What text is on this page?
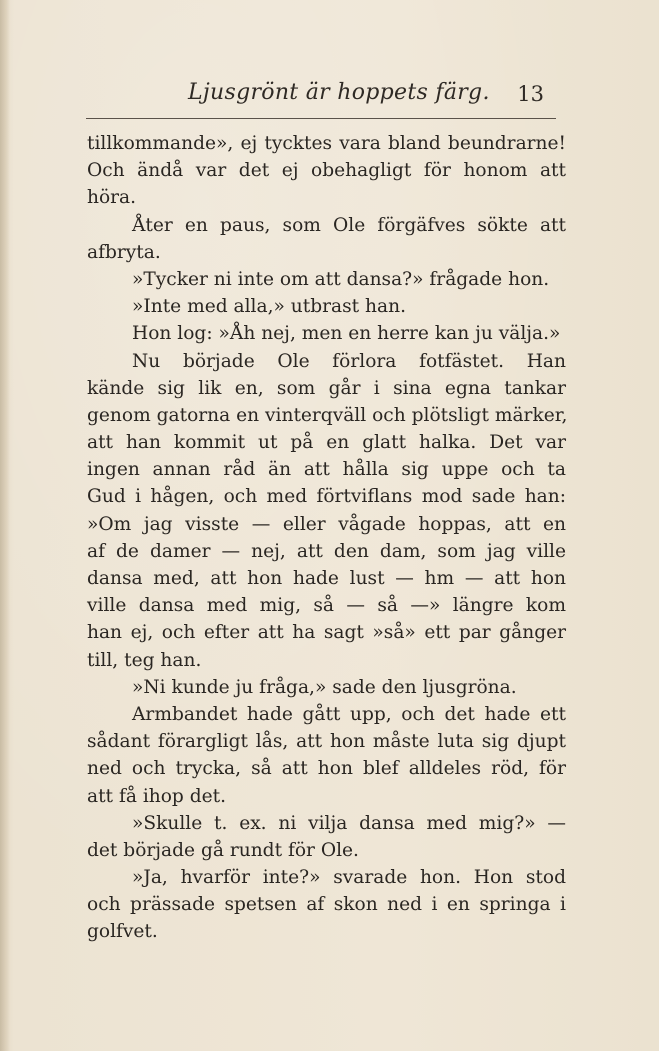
Ljusgrönt är hoppets färg. 13
tillkommande», ej tycktes vara bland beundrarne!
Och ändå var det ej obehagligt för honom att
höra.
Åter en paus, som Ole förgäfves sökte att
afbryta.
»Tycker ni inte om att dansa?» frågade hon.
»Inte med alla,» utbrast han.
Hon log: »Åh nej, men en herre kan ju välja.»
Nu började Ole förlora fotfästet. Han
kände sig lik en, som går i sina egna tankar
genom gatorna en vinterqväll och plötsligt märker,
att han kommit ut på en glatt halka. Det var
ingen annan råd än att hålla sig uppe och ta
Gud i hågen, och med förtviflans mod sade han:
»Om jag visste — eller vågade hoppas, att en
af de damer — nej, att den dam, som jag ville
dansa med, att hon hade lust — hm — att hon
ville dansa med mig, så — så —» längre kom
han ej, och efter att ha sagt »så» ett par gånger
till, teg han.
»Ni kunde ju fråga,» sade den ljusgröna.
Armbandet hade gått upp, och det hade ett
sådant förargligt lås, att hon måste luta sig djupt
ned och trycka, så att hon blef alldeles röd, för
att få ihop det.
»Skulle t. ex. ni vilja dansa med mig?» —
det började gå rundt för Ole.
»Ja, hvarför inte?» svarade hon. Hon stod
och prässade spetsen af skon ned i en springa i
golfvet.
